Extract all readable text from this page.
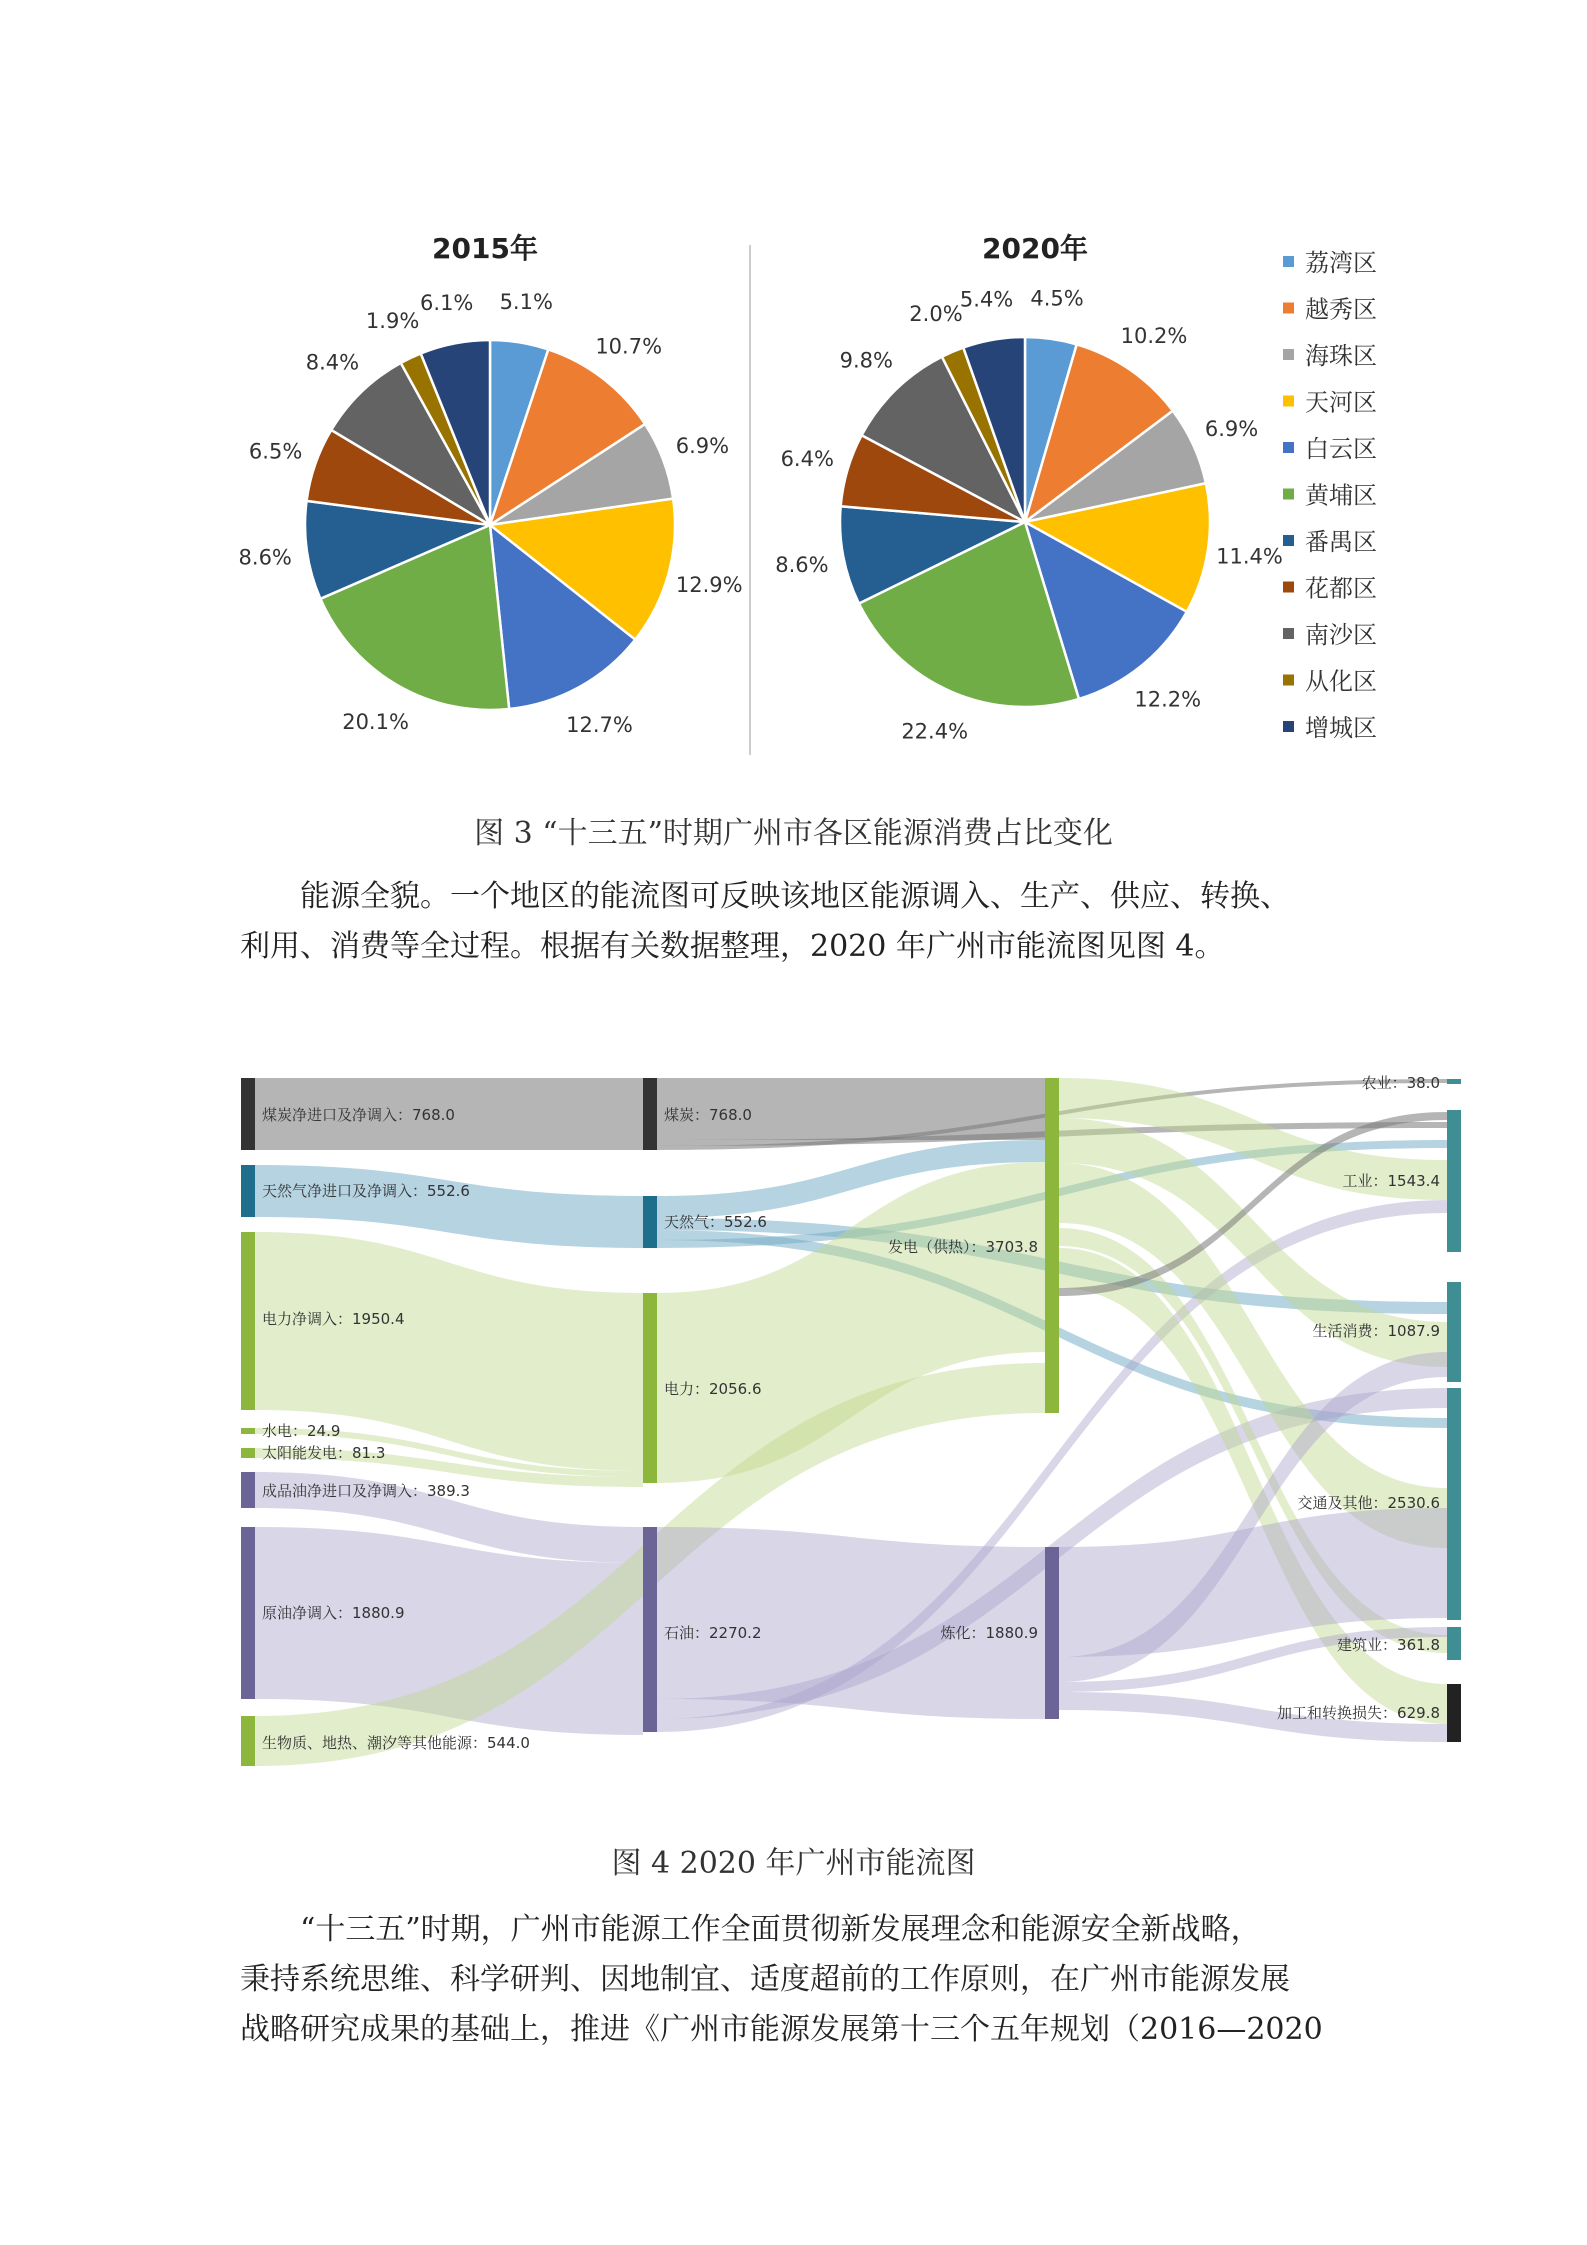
2015年	2020年
5.1%
10.7%
6.9%
12.9%
12.7%
20.1%
8.6%
6.5%
8.4%
1.9%
6.1%	4.5%
10.2%
6.9%
11.4%
12.2%
22.4%
8.6%
6.4%
9.8%
2.0%
5.4%
荔湾区
越秀区
海珠区
天河区
白云区
黄埔区
番禺区
花都区
南沙区
从化区
增城区
图 3 “十三五”时期广州市各区能源消费占比变化
能源全貌。一个地区的能流图可反映该地区能源调入、生产、供应、转换、
利用、消费等全过程。根据有关数据整理，2020 年广州市能流图见图 4。
煤炭净进口及净调入：768.0
天然气净进口及净调入：552.6
电力净调入：1950.4
水电：24.9
太阳能发电：81.3
成品油净进口及净调入：389.3
原油净调入：1880.9
生物质、地热、潮汐等其他能源：544.0
煤炭：768.0
天然气：552.6
电力：2056.6
石油：2270.2
发电（供热）：3703.8
炼化：1880.9
农业：38.0
工业：1543.4
生活消费：1087.9
交通及其他：2530.6
建筑业：361.8
加工和转换损失：629.8
图 4 2020 年广州市能流图
“十三五”时期，广州市能源工作全面贯彻新发展理念和能源安全新战略，
秉持系统思维、科学研判、因地制宜、适度超前的工作原则，在广州市能源发展
战略研究成果的基础上，推进《广州市能源发展第十三个五年规划（2016—2020
